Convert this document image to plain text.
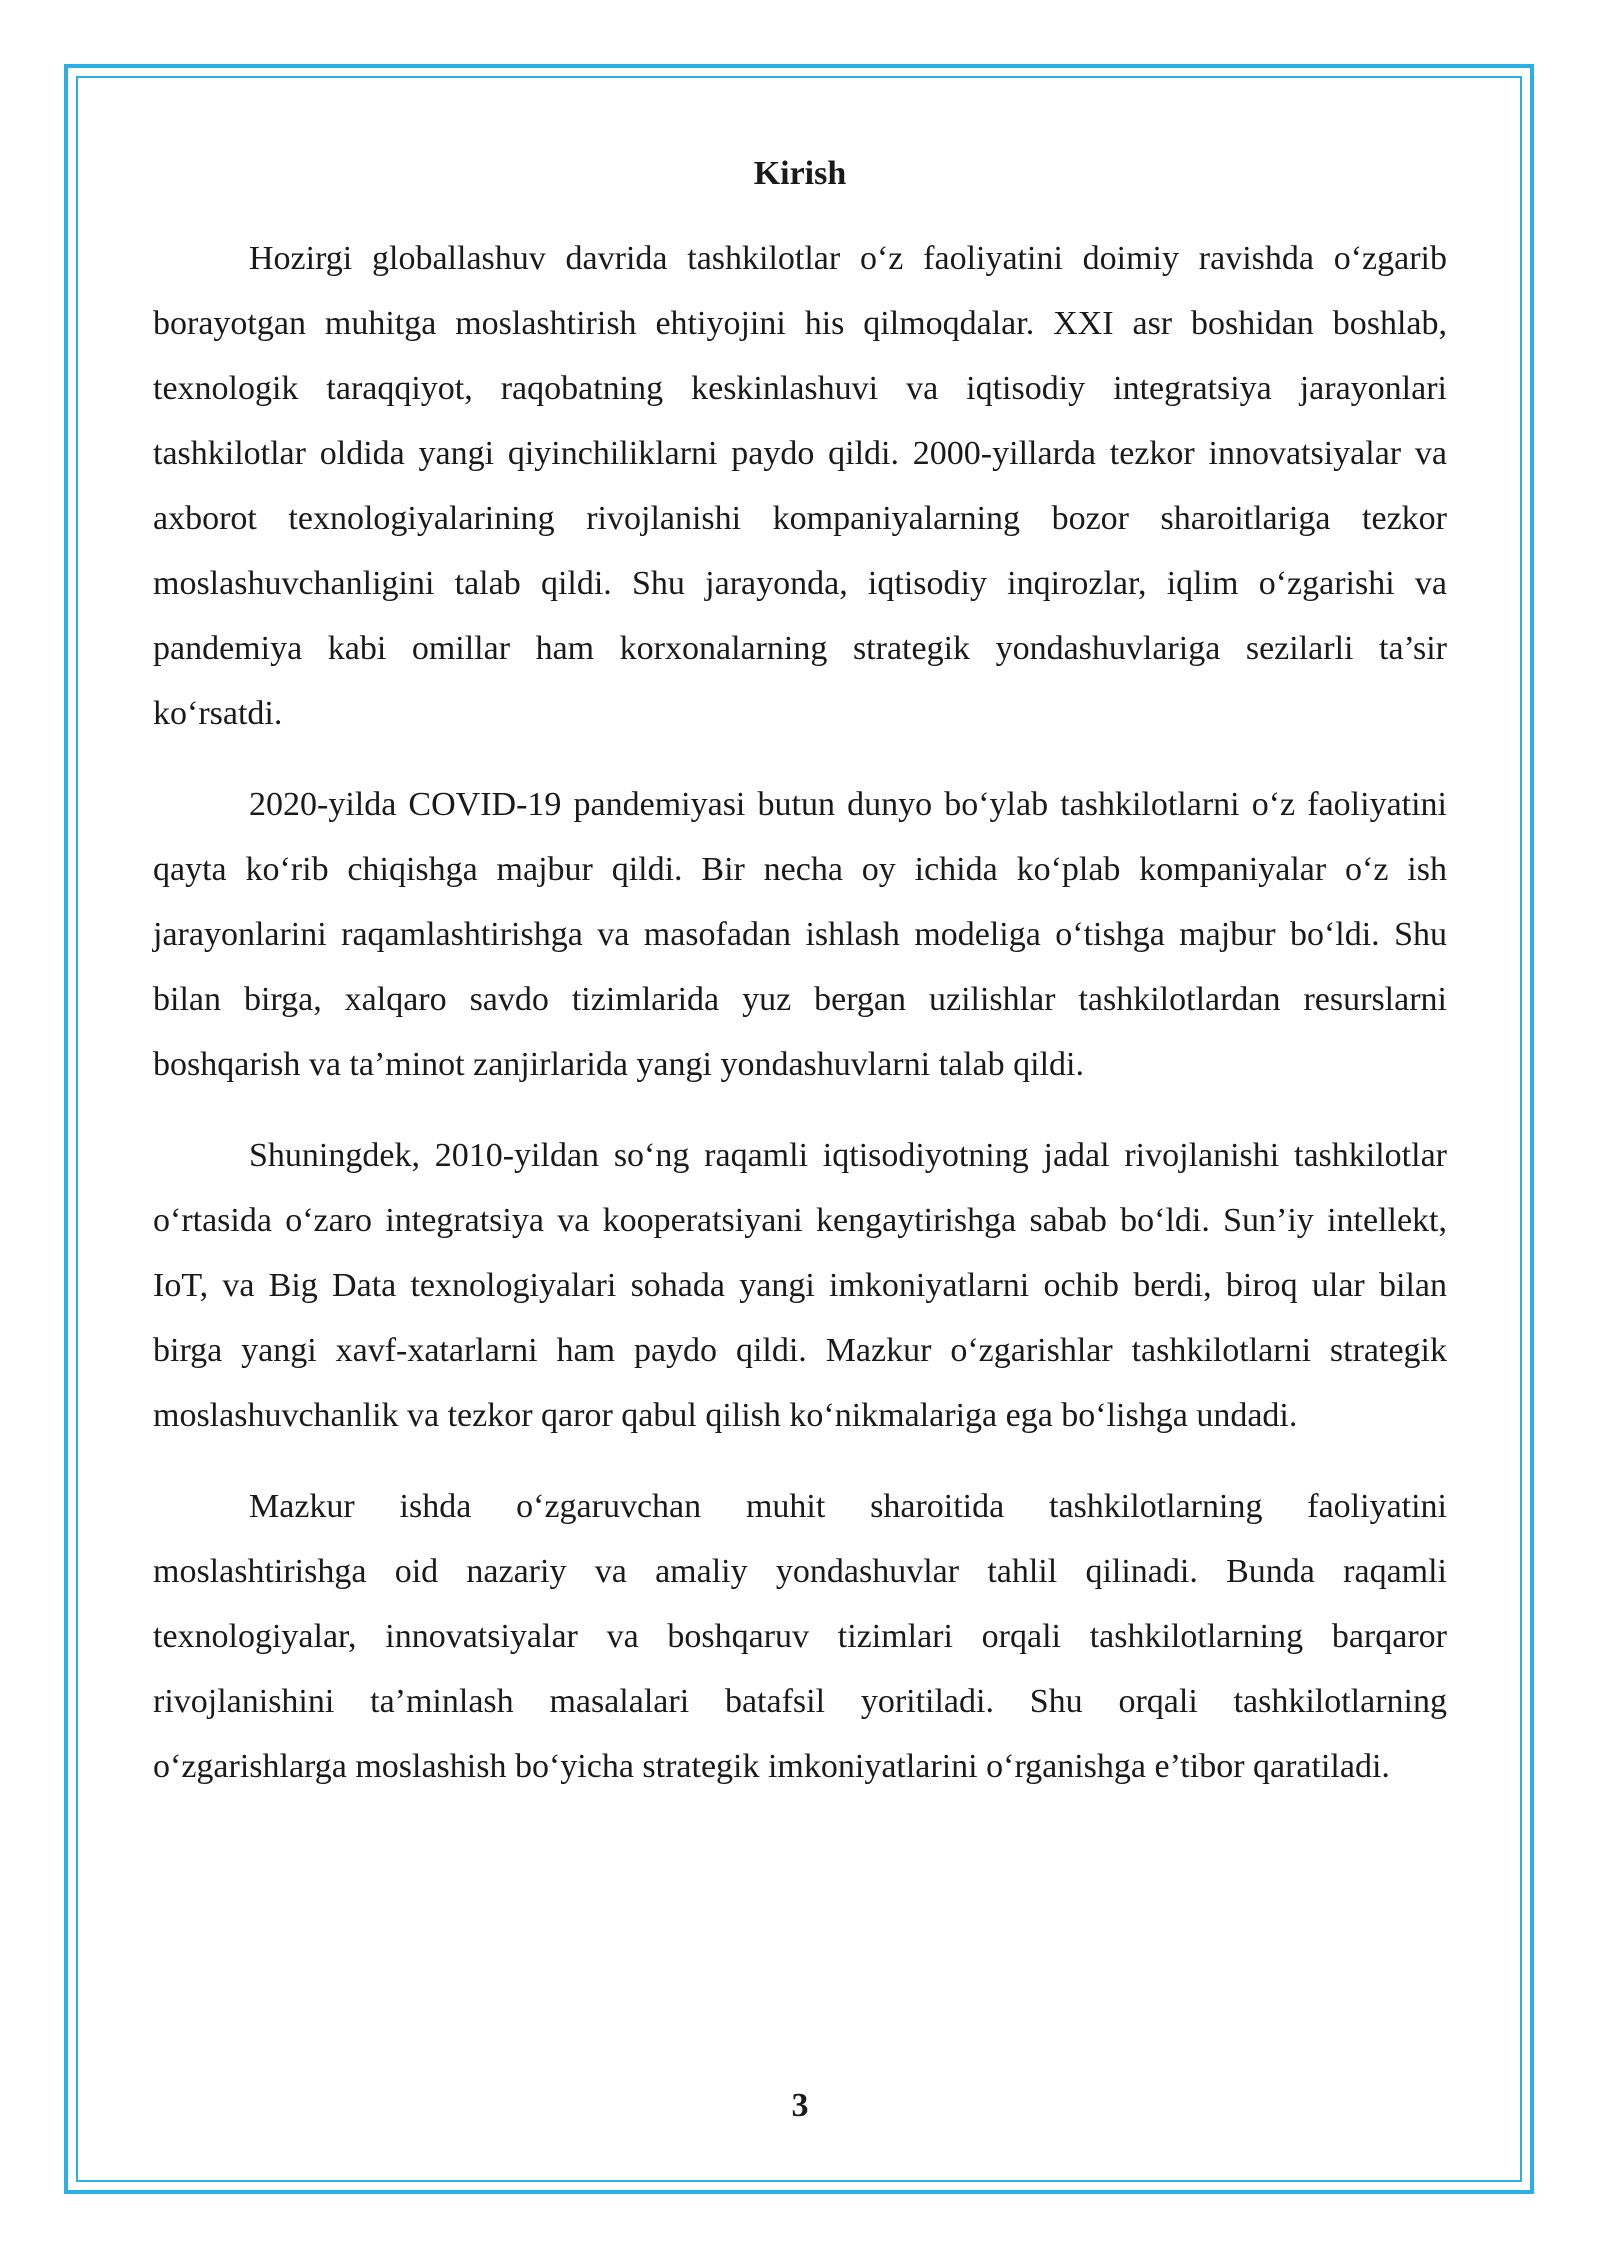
Kirish

Hozirgi globallashuv davrida tashkilotlar o‘z faoliyatini doimiy ravishda o‘zgarib borayotgan muhitga moslashtirish ehtiyojini his qilmoqdalar. XXI asr boshidan boshlab, texnologik taraqqiyot, raqobatning keskinlashuvi va iqtisodiy integratsiya jarayonlari tashkilotlar oldida yangi qiyinchiliklarni paydo qildi. 2000-yillarda tezkor innovatsiyalar va axborot texnologiyalarining rivojlanishi kompaniyalarning bozor sharoitlariga tezkor moslashuvchanligini talab qildi. Shu jarayonda, iqtisodiy inqirozlar, iqlim o‘zgarishi va pandemiya kabi omillar ham korxonalarning strategik yondashuvlariga sezilarli ta’sir ko‘rsatdi.

2020-yilda COVID-19 pandemiyasi butun dunyo bo‘ylab tashkilotlarni o‘z faoliyatini qayta ko‘rib chiqishga majbur qildi. Bir necha oy ichida ko‘plab kompaniyalar o‘z ish jarayonlarini raqamlashtirishga va masofadan ishlash modeliga o‘tishga majbur bo‘ldi. Shu bilan birga, xalqaro savdo tizimlarida yuz bergan uzilishlar tashkilotlardan resurslarni boshqarish va ta’minot zanjirlarida yangi yondashuvlarni talab qildi.

Shuningdek, 2010-yildan so‘ng raqamli iqtisodiyotning jadal rivojlanishi tashkilotlar o‘rtasida o‘zaro integratsiya va kooperatsiyani kengaytirishga sabab bo‘ldi. Sun’iy intellekt, IoT, va Big Data texnologiyalari sohada yangi imkoniyatlarni ochib berdi, biroq ular bilan birga yangi xavf-xatarlarni ham paydo qildi. Mazkur o‘zgarishlar tashkilotlarni strategik moslashuvchanlik va tezkor qaror qabul qilish ko‘nikmalariga ega bo‘lishga undadi.

Mazkur ishda o‘zgaruvchan muhit sharoitida tashkilotlarning faoliyatini moslashtirishga oid nazariy va amaliy yondashuvlar tahlil qilinadi. Bunda raqamli texnologiyalar, innovatsiyalar va boshqaruv tizimlari orqali tashkilotlarning barqaror rivojlanishini ta’minlash masalalari batafsil yoritiladi. Shu orqali tashkilotlarning o‘zgarishlarga moslashish bo‘yicha strategik imkoniyatlarini o‘rganishga e’tibor qaratiladi.

3
